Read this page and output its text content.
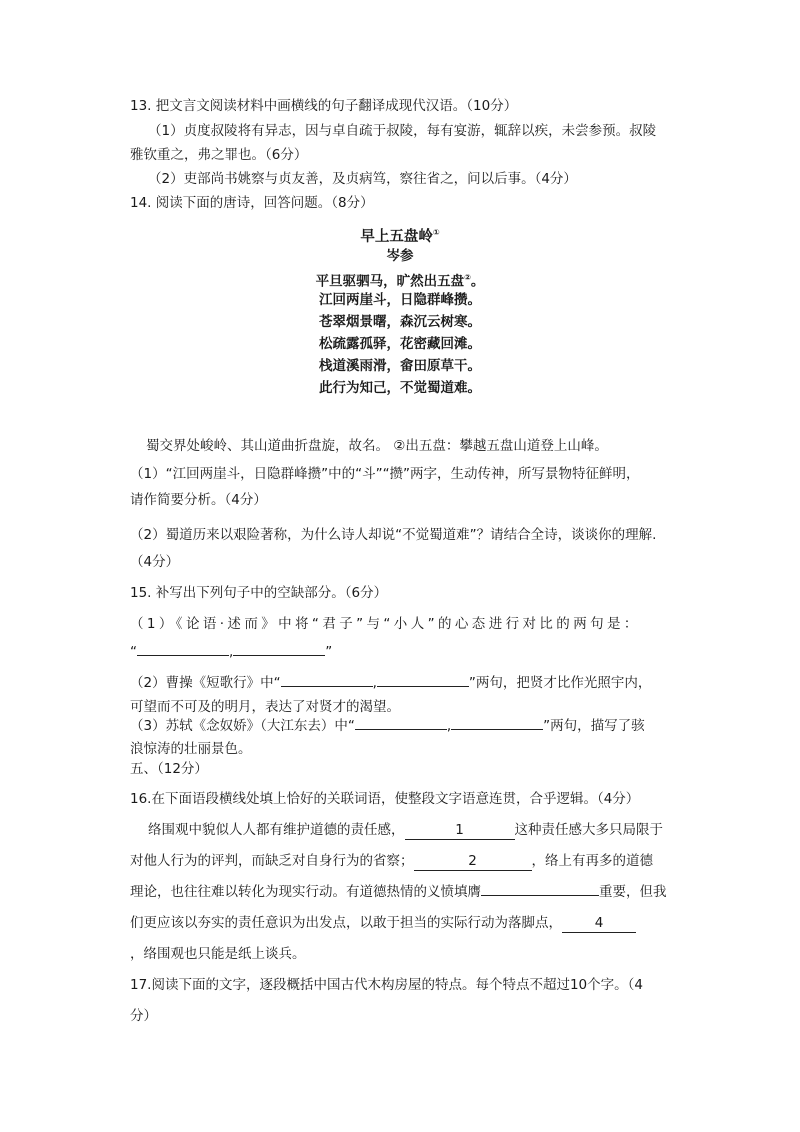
13. 把文言文阅读材料中画横线的句子翻译成现代汉语。（10分）
（1）贞度叔陵将有异志，因与卓自疏于叔陵，每有宴游，辄辞以疾，未尝参预。叔陵
雅钦重之，弗之罪也。（6分）
（2）吏部尚书姚察与贞友善，及贞病笃，察往省之，问以后事。（4分）
14. 阅读下面的唐诗，回答问题。（8分）
早上五盘岭①
岑参
平旦驱驷马，旷然出五盘②。
江回两崖斗，日隐群峰攒。
苍翠烟景曙，森沉云树寒。
松疏露孤驿，花密藏回滩。
栈道溪雨滑，畲田原草干。
此行为知己，不觉蜀道难。
蜀交界处峻岭、其山道曲折盘旋，故名。 ②出五盘：攀越五盘山道登上山峰。
（1）“江回两崖斗，日隐群峰攒”中的“斗”“攒”两字，生动传神，所写景物特征鲜明，
请作简要分析。（4分）
（2）蜀道历来以艰险著称，为什么诗人却说“不觉蜀道难”？请结合全诗，谈谈你的理解.
（4分）
15. 补写出下列句子中的空缺部分。（6分）
（1）《论语·述而》中将“君子”与“小人”的心态进行对比的两句是：
“	,	”
（2）曹操《短歌行》中“	,	”两句，把贤才比作光照宇内，
可望而不可及的明月，表达了对贤才的渴望。
（3）苏轼《念奴娇》（大江东去）中“	,	”两句，描写了骇
浪惊涛的壮丽景色。
五、（12分）
16.在下面语段横线处填上恰好的关联词语，使整段文字语意连贯，合乎逻辑。（4分）
络围观中貌似人人都有维护道德的责任感，	1	这种责任感大多只局限于
对他人行为的评判，而缺乏对自身行为的省察；	2	，络上有再多的道德
理论，也往往难以转化为现实行动。有道德热情的义愤填膺	重要，但我
们更应该以夯实的责任意识为出发点，以敢于担当的实际行动为落脚点， 4
，络围观也只能是纸上谈兵。
17.阅读下面的文字，逐段概括中国古代木构房屋的特点。每个特点不超过10个字。（4
分）
